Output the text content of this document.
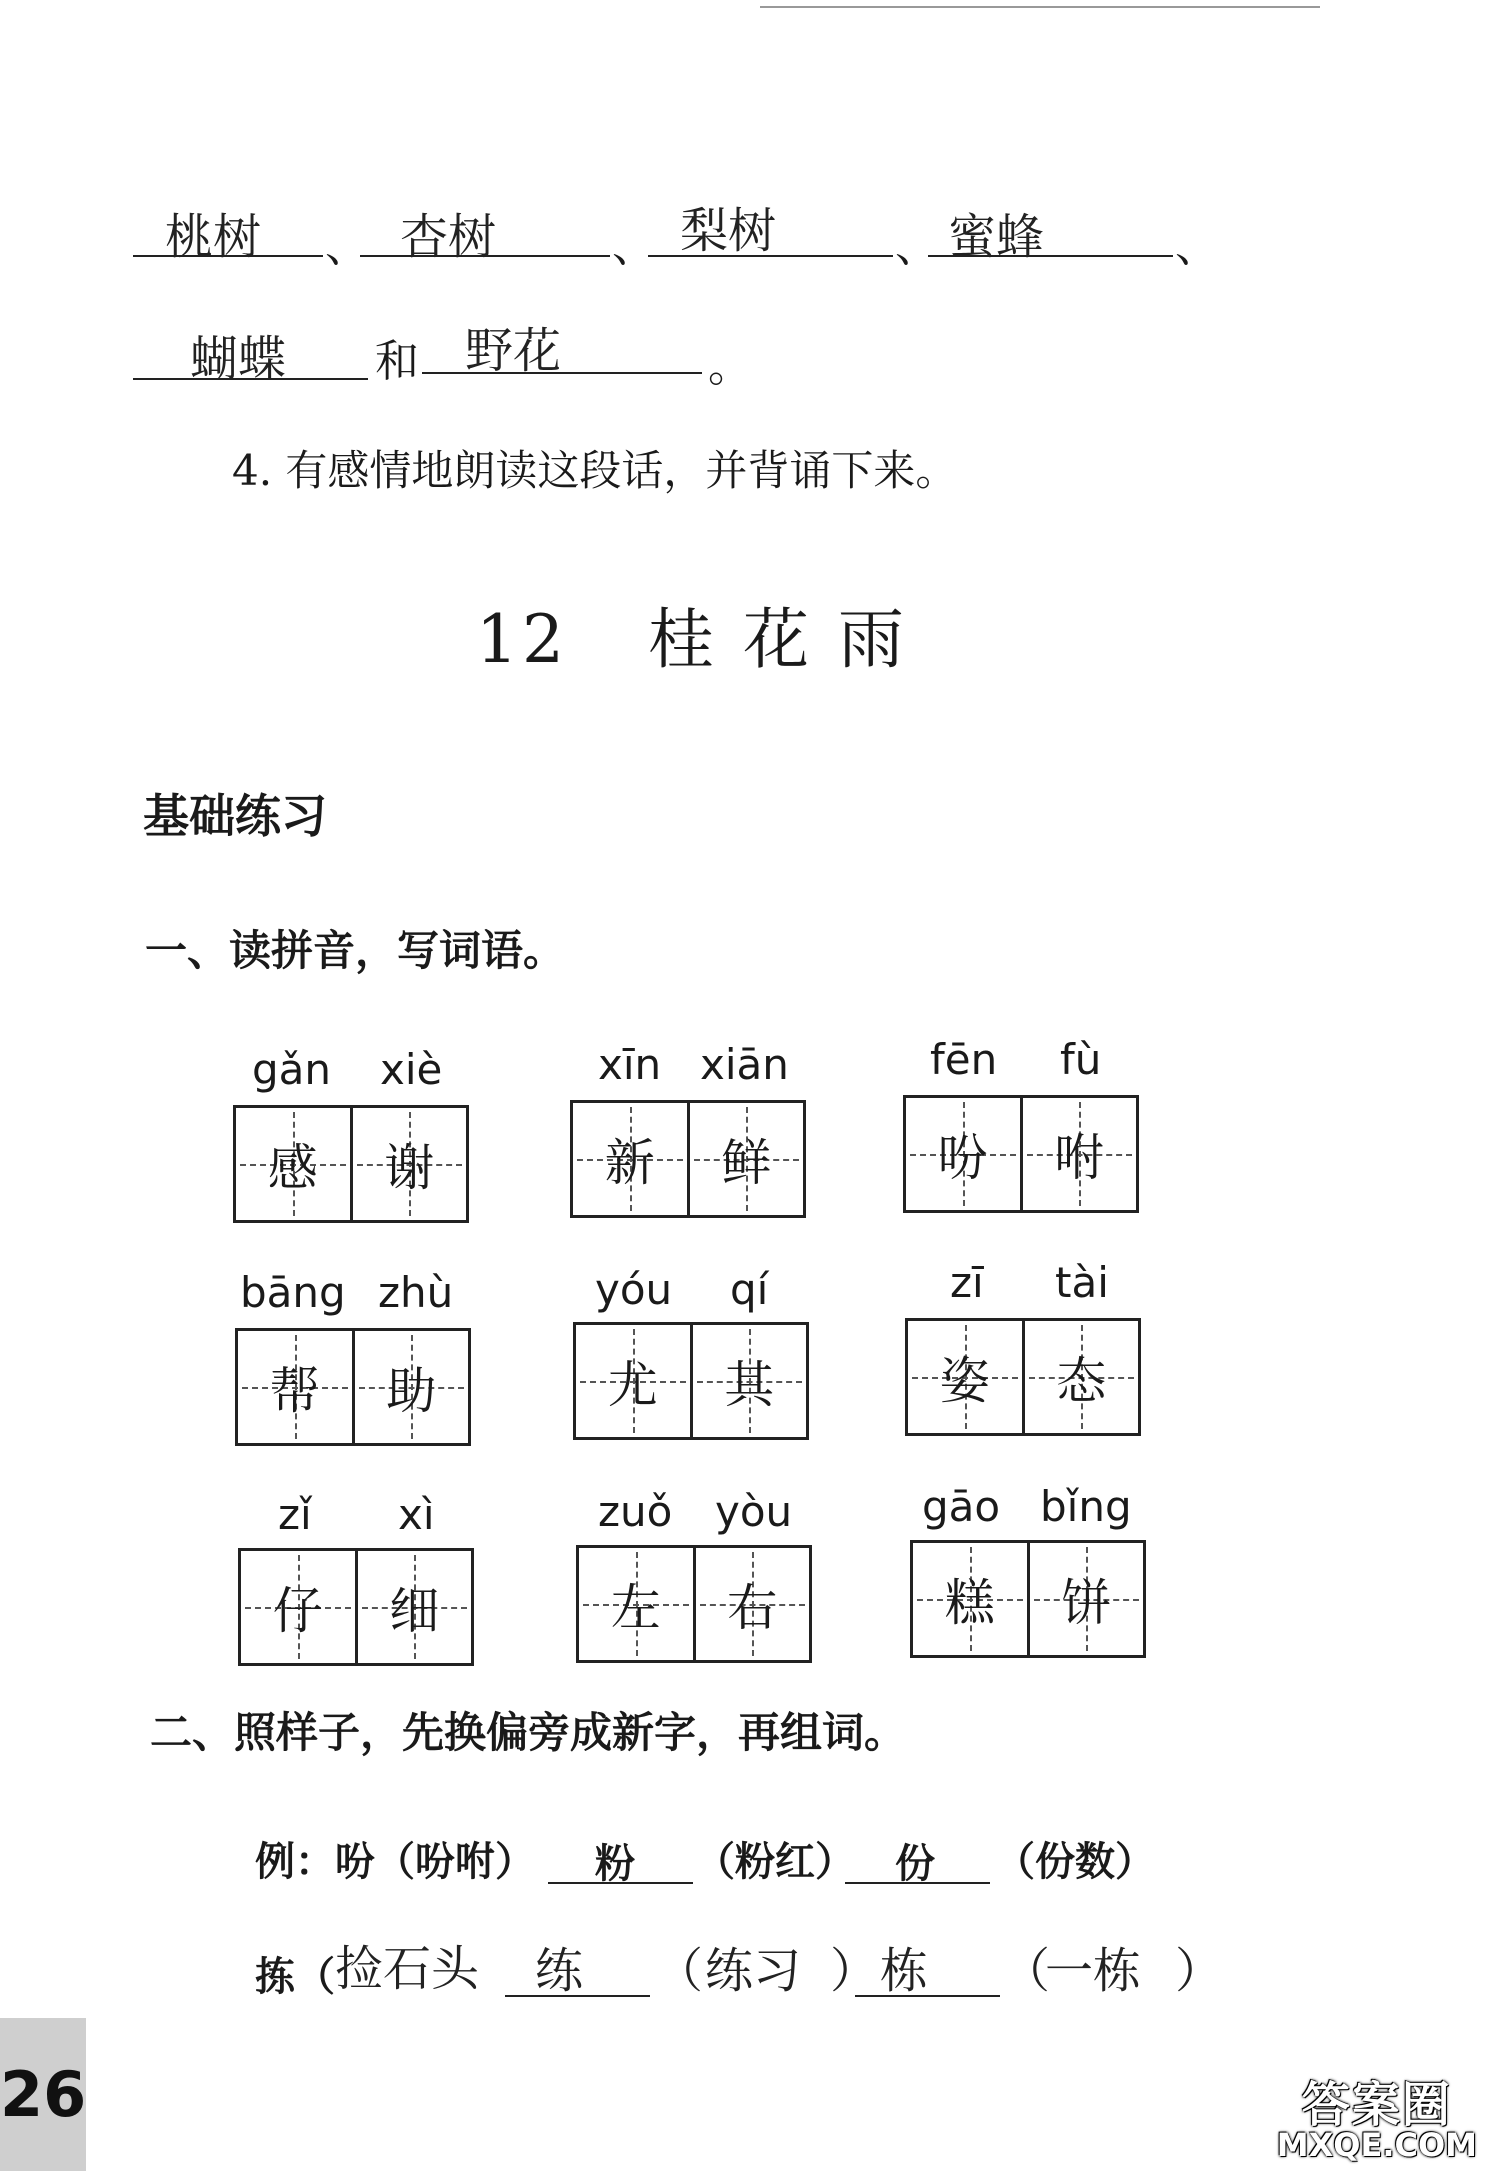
桃树 、 杏树	、 梨树	、 蜜蜂	、
蝴蝶 和 野花	。
4. 有感情地朗读这段话，并背诵下来。
12 桂 花 雨
基础练习
一、读拼音，写词语。
gǎn xiè
感 谢
xīn xiān
新 鲜
fēn fù
吩 咐
bāng zhù
帮 助
yóu qí
尤 其
zī tài
姿 态
zǐ xì
仔 细
zuǒ yòu
左 右
gāo bǐng
糕 饼
二、照样子，先换偏旁成新字，再组词。
例：吩（吩咐） 粉 （粉红） 份 （份数）
拣（ 捡石头 练 （ 练习 ） 栋 （
一栋 ）
26	答案圈
MXQE.COM
